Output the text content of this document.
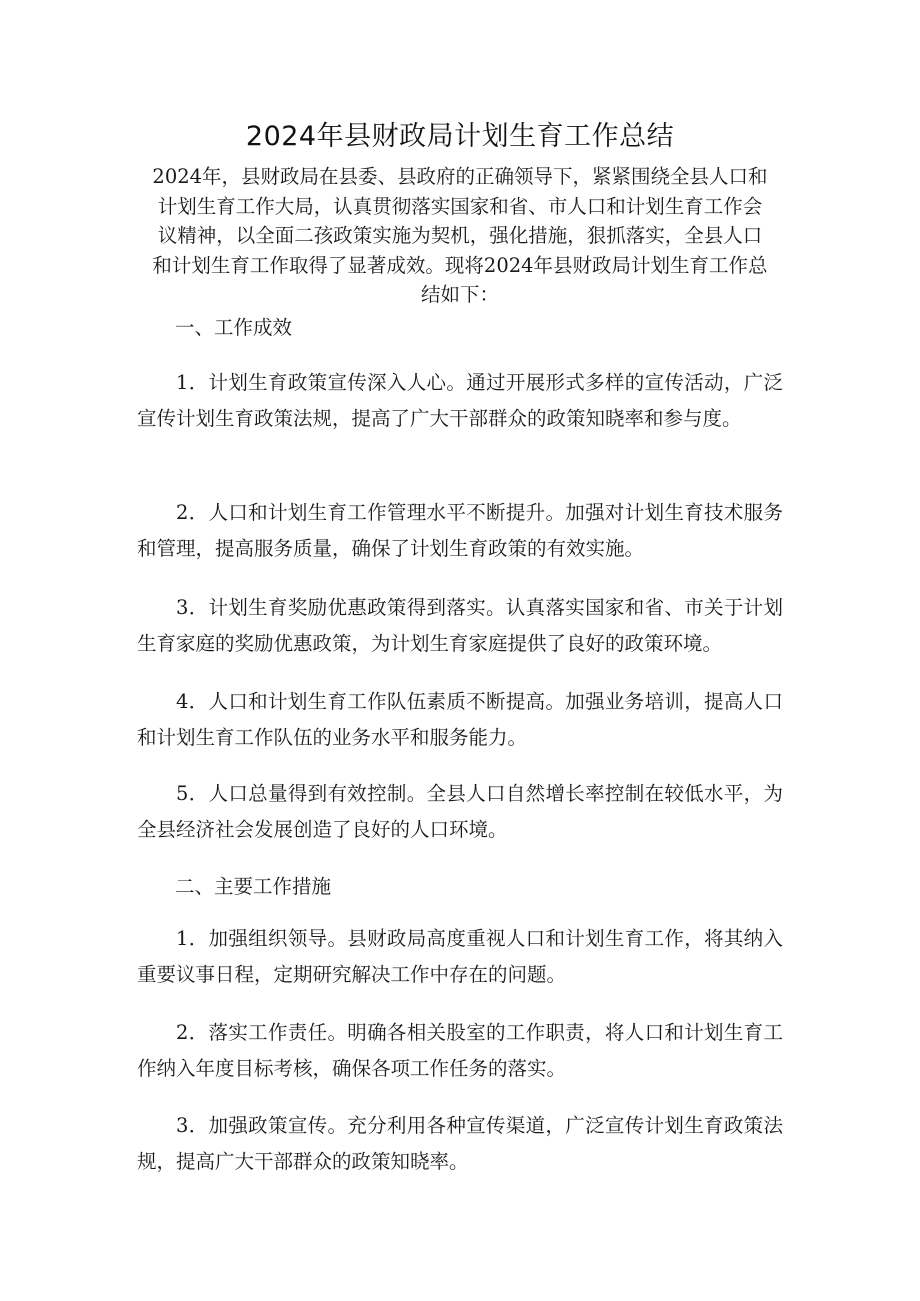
2024年县财政局计划生育工作总结

2024年，县财政局在县委、县政府的正确领导下，紧紧围绕全县人口和计划生育工作大局，认真贯彻落实国家和省、市人口和计划生育工作会议精神，以全面二孩政策实施为契机，强化措施，狠抓落实，全县人口和计划生育工作取得了显著成效。现将2024年县财政局计划生育工作总结如下：

一、工作成效

1．计划生育政策宣传深入人心。通过开展形式多样的宣传活动，广泛宣传计划生育政策法规，提高了广大干部群众的政策知晓率和参与度。

2．人口和计划生育工作管理水平不断提升。加强对计划生育技术服务和管理，提高服务质量，确保了计划生育政策的有效实施。

3．计划生育奖励优惠政策得到落实。认真落实国家和省、市关于计划生育家庭的奖励优惠政策，为计划生育家庭提供了良好的政策环境。

4．人口和计划生育工作队伍素质不断提高。加强业务培训，提高人口和计划生育工作队伍的业务水平和服务能力。

5．人口总量得到有效控制。全县人口自然增长率控制在较低水平，为全县经济社会发展创造了良好的人口环境。

二、主要工作措施

1．加强组织领导。县财政局高度重视人口和计划生育工作，将其纳入重要议事日程，定期研究解决工作中存在的问题。

2．落实工作责任。明确各相关股室的工作职责，将人口和计划生育工作纳入年度目标考核，确保各项工作任务的落实。

3．加强政策宣传。充分利用各种宣传渠道，广泛宣传计划生育政策法规，提高广大干部群众的政策知晓率。
